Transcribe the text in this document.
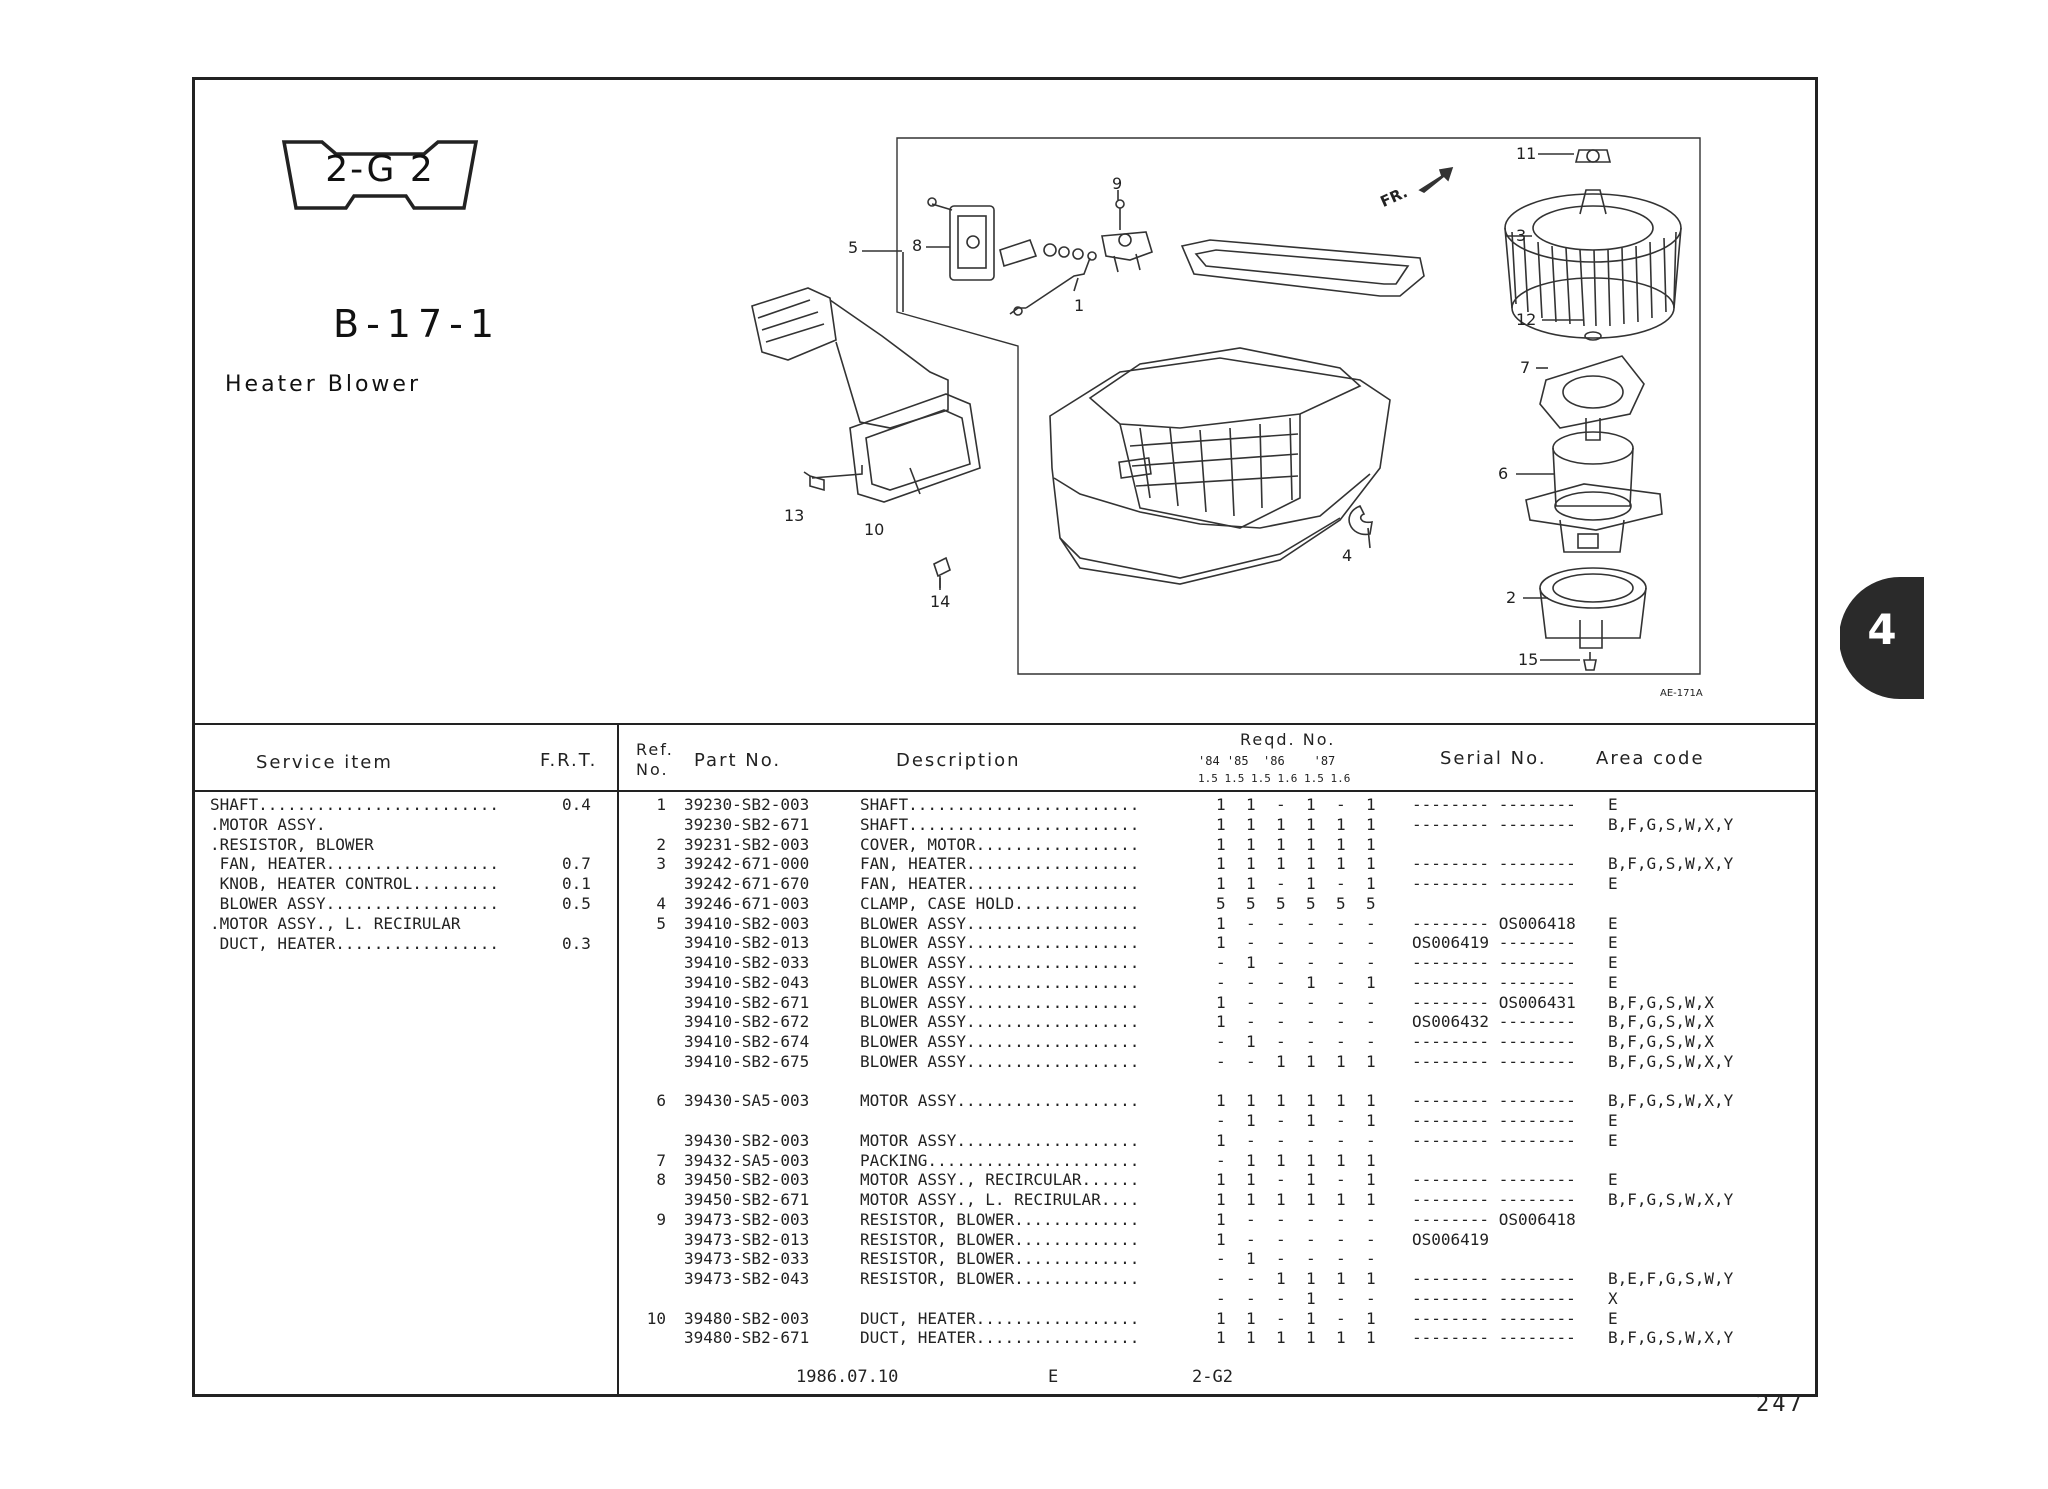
2-G 2
B-17-1
Heater Blower
5	8
9
1
13
10
14
4
3
11
12
7
6
2
15
FR.
AE-171A
4
Service item	F.R.T.
Ref.
No. Part No.	Description
Reqd. No.
'84 '85  '86    '87
1.5 1.5 1.5 1.6 1.5 1.6
Serial No.	Area code
SHAFT.........................	0.4
.MOTOR ASSY.
.RESISTOR, BLOWER
FAN, HEATER..................	0.7
KNOB, HEATER CONTROL.........	0.1
BLOWER ASSY..................	0.5
.MOTOR ASSY., L. RECIRULAR
DUCT, HEATER.................	0.3
1 39230-SB2-003	SHAFT........................	1 1 - 1 - 1 -------- -------- E
39230-SB2-671	SHAFT........................	1 1 1 1 1 1 -------- -------- B,F,G,S,W,X,Y
2 39231-SB2-003	COVER, MOTOR.................	1 1 1 1 1 1
3 39242-671-000	FAN, HEATER..................	1 1 1 1 1 1 -------- -------- B,F,G,S,W,X,Y
39242-671-670	FAN, HEATER..................	1 1 - 1 - 1 -------- -------- E
4 39246-671-003	CLAMP, CASE HOLD.............	5 5 5 5 5 5
5 39410-SB2-003	BLOWER ASSY..................	1 - - - - - -------- OS006418 E
39410-SB2-013	BLOWER ASSY..................	1 - - - - - OS006419 -------- E
39410-SB2-033	BLOWER ASSY..................	- 1 - - - - -------- -------- E
39410-SB2-043	BLOWER ASSY..................	- - - 1 - 1 -------- -------- E
39410-SB2-671	BLOWER ASSY..................	1 - - - - - -------- OS006431 B,F,G,S,W,X
39410-SB2-672	BLOWER ASSY..................	1 - - - - - OS006432 -------- B,F,G,S,W,X
39410-SB2-674	BLOWER ASSY..................	- 1 - - - - -------- -------- B,F,G,S,W,X
39410-SB2-675	BLOWER ASSY..................	- - 1 1 1 1 -------- -------- B,F,G,S,W,X,Y
6 39430-SA5-003	MOTOR ASSY...................	1 1 1 1 1 1 -------- -------- B,F,G,S,W,X,Y
- 1 - 1 - 1 -------- -------- E
39430-SB2-003	MOTOR ASSY...................	1 - - - - - -------- -------- E
7 39432-SA5-003	PACKING......................	- 1 1 1 1 1
8 39450-SB2-003	MOTOR ASSY., RECIRCULAR......	1 1 - 1 - 1 -------- -------- E
39450-SB2-671	MOTOR ASSY., L. RECIRULAR....	1 1 1 1 1 1 -------- -------- B,F,G,S,W,X,Y
9 39473-SB2-003	RESISTOR, BLOWER.............	1 - - - - - -------- OS006418
39473-SB2-013	RESISTOR, BLOWER.............	1 - - - - - OS006419
39473-SB2-033	RESISTOR, BLOWER.............	- 1 - - - -
39473-SB2-043	RESISTOR, BLOWER.............	- - 1 1 1 1 -------- -------- B,E,F,G,S,W,Y
- - - 1 - - -------- -------- X
10 39480-SB2-003	DUCT, HEATER.................	1 1 - 1 - 1 -------- -------- E
39480-SB2-671	DUCT, HEATER.................	1 1 1 1 1 1 -------- -------- B,F,G,S,W,X,Y
1986.07.10	E	2-G2
247
